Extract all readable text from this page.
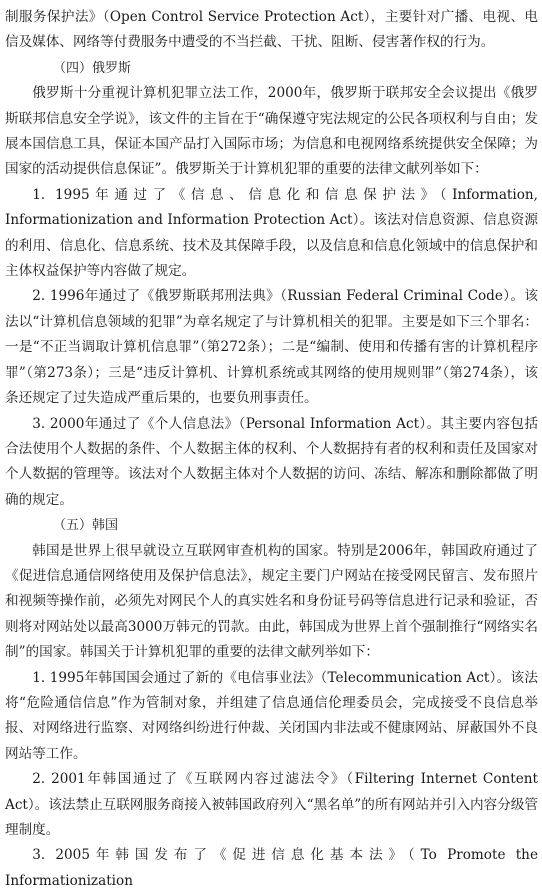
制服务保护法》（Open Control Service Protection Act），主要针对广播、电视、电信及媒体、网络等付费服务中遭受的不当拦截、干扰、阻断、侵害著作权的行为。

（四）俄罗斯

俄罗斯十分重视计算机犯罪立法工作，2000年，俄罗斯于联邦安全会议提出《俄罗斯联邦信息安全学说》，该文件的主旨在于“确保遵守宪法规定的公民各项权利与自由；发展本国信息工具，保证本国产品打入国际市场；为信息和电视网络系统提供安全保障；为国家的活动提供信息保证”。俄罗斯关于计算机犯罪的重要的法律文献列举如下：

1. 1995年通过了《信息、信息化和信息保护法》（Information, Informationization and Information Protection Act）。该法对信息资源、信息资源的利用、信息化、信息系统、技术及其保障手段，以及信息和信息化领域中的信息保护和主体权益保护等内容做了规定。

2. 1996年通过了《俄罗斯联邦刑法典》（Russian Federal Criminal Code）。该法以“计算机信息领域的犯罪”为章名规定了与计算机相关的犯罪。主要是如下三个罪名：一是“不正当调取计算机信息罪”（第272条）；二是“编制、使用和传播有害的计算机程序罪”（第273条）；三是“违反计算机、计算机系统或其网络的使用规则罪”（第274条），该条还规定了过失造成严重后果的，也要负刑事责任。

3. 2000年通过了《个人信息法》（Personal Information Act）。其主要内容包括合法使用个人数据的条件、个人数据主体的权利、个人数据持有者的权利和责任及国家对个人数据的管理等。该法对个人数据主体对个人数据的访问、冻结、解冻和删除都做了明确的规定。

（五）韩国

韩国是世界上很早就设立互联网审查机构的国家。特别是2006年，韩国政府通过了《促进信息通信网络使用及保护信息法》，规定主要门户网站在接受网民留言、发布照片和视频等操作前，必须先对网民个人的真实姓名和身份证号码等信息进行记录和验证，否则将对网站处以最高3000万韩元的罚款。由此，韩国成为世界上首个强制推行“网络实名制”的国家。韩国关于计算机犯罪的重要的法律文献列举如下：

1. 1995年韩国国会通过了新的《电信事业法》（Telecommunication Act）。该法将“危险通信信息”作为管制对象，并组建了信息通信伦理委员会，完成接受不良信息举报、对网络进行监察、对网络纠纷进行仲裁、关闭国内非法或不健康网站、屏蔽国外不良网站等工作。

2. 2001年韩国通过了《互联网内容过滤法令》（Filtering Internet Content Act）。该法禁止互联网服务商接入被韩国政府列入“黑名单”的所有网站并引入内容分级管理制度。

3. 2005年韩国发布了《促进信息化基本法》（To Promote the Informationization
